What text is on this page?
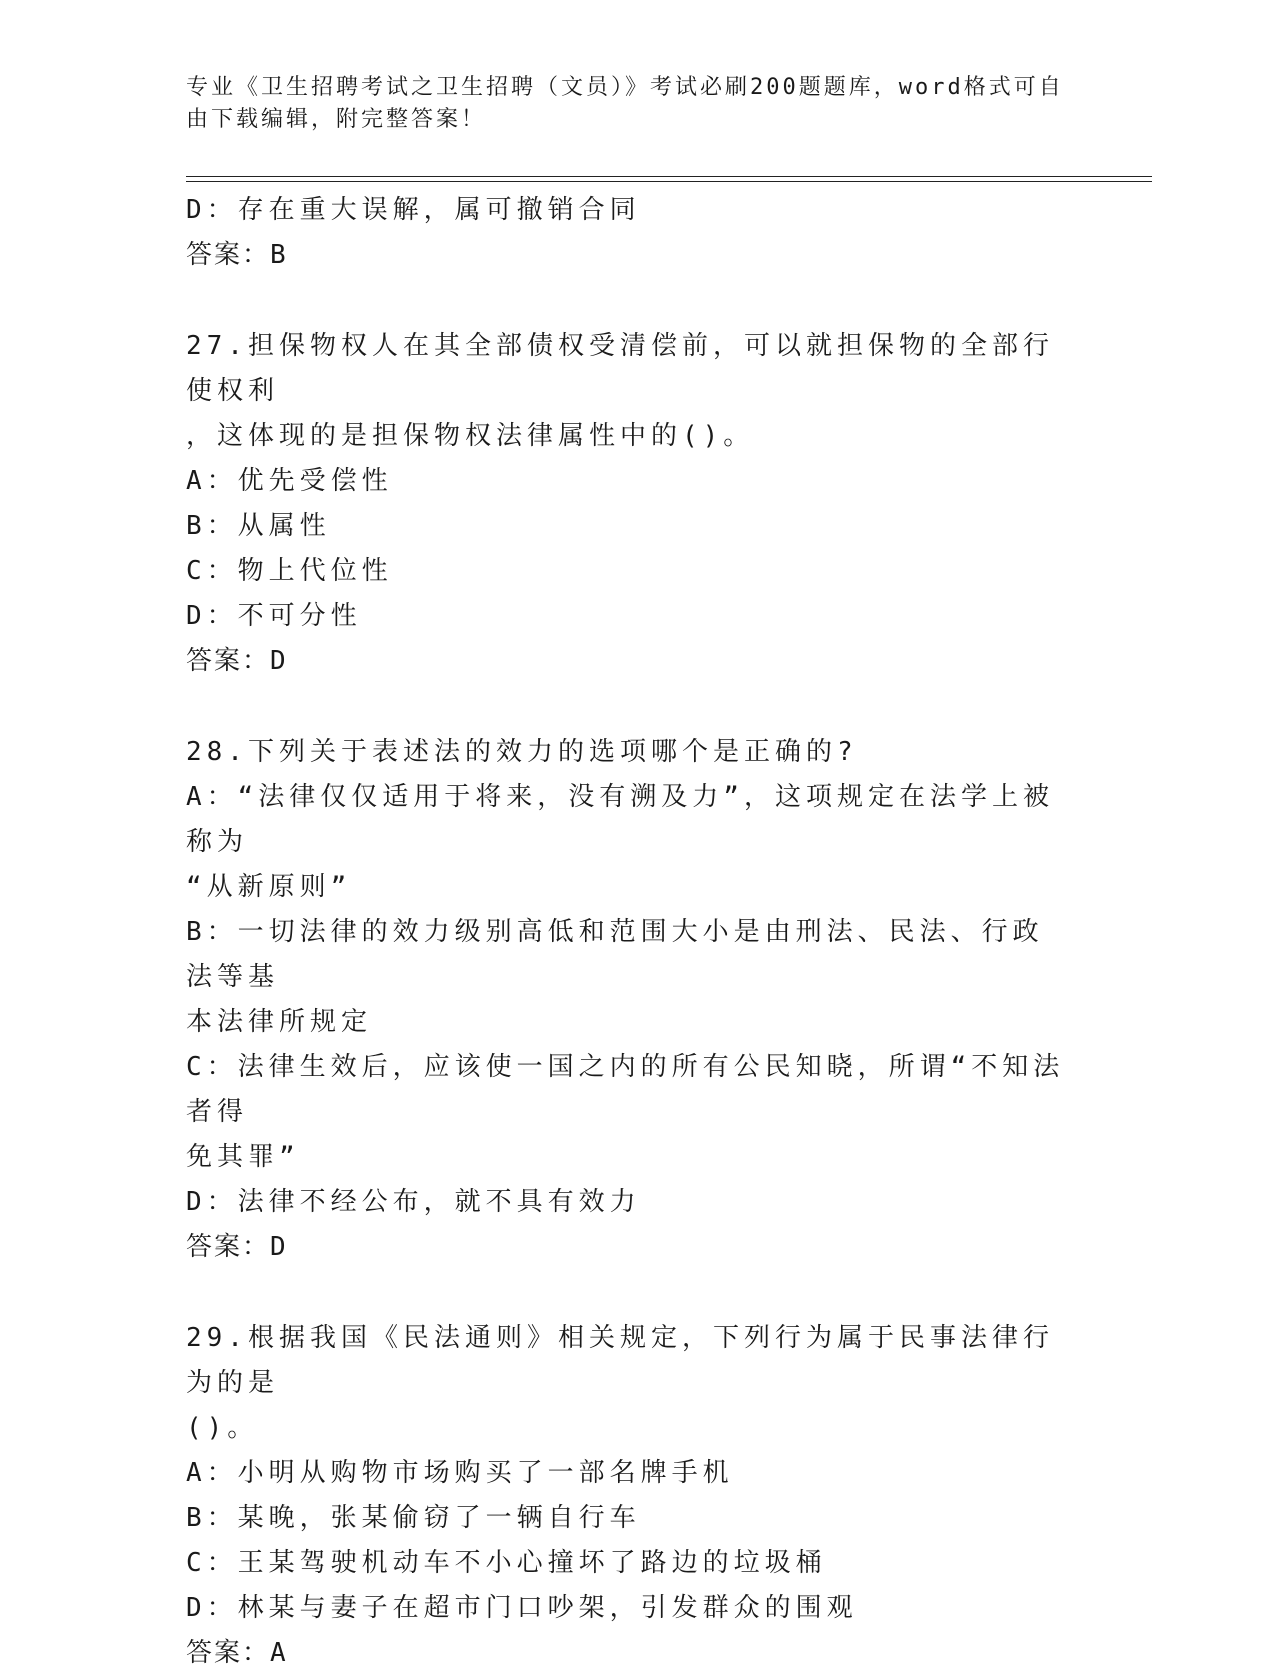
专业《卫生招聘考试之卫生招聘（文员）》考试必刷200题题库，word格式可自
由下载编辑，附完整答案！
D：存在重大误解，属可撤销合同
答案：B
27.担保物权人在其全部债权受清偿前，可以就担保物的全部行使权利
，这体现的是担保物权法律属性中的()。
A：优先受偿性
B：从属性
C：物上代位性
D：不可分性
答案：D
28.下列关于表述法的效力的选项哪个是正确的?
A：“法律仅仅适用于将来，没有溯及力”，这项规定在法学上被称为
“从新原则”
B：一切法律的效力级别高低和范围大小是由刑法、民法、行政法等基
本法律所规定
C：法律生效后，应该使一国之内的所有公民知晓，所谓“不知法者得
免其罪”
D：法律不经公布，就不具有效力
答案：D
29.根据我国《民法通则》相关规定，下列行为属于民事法律行为的是
()。
A：小明从购物市场购买了一部名牌手机
B：某晚，张某偷窃了一辆自行车
C：王某驾驶机动车不小心撞坏了路边的垃圾桶
D：林某与妻子在超市门口吵架，引发群众的围观
答案：A
